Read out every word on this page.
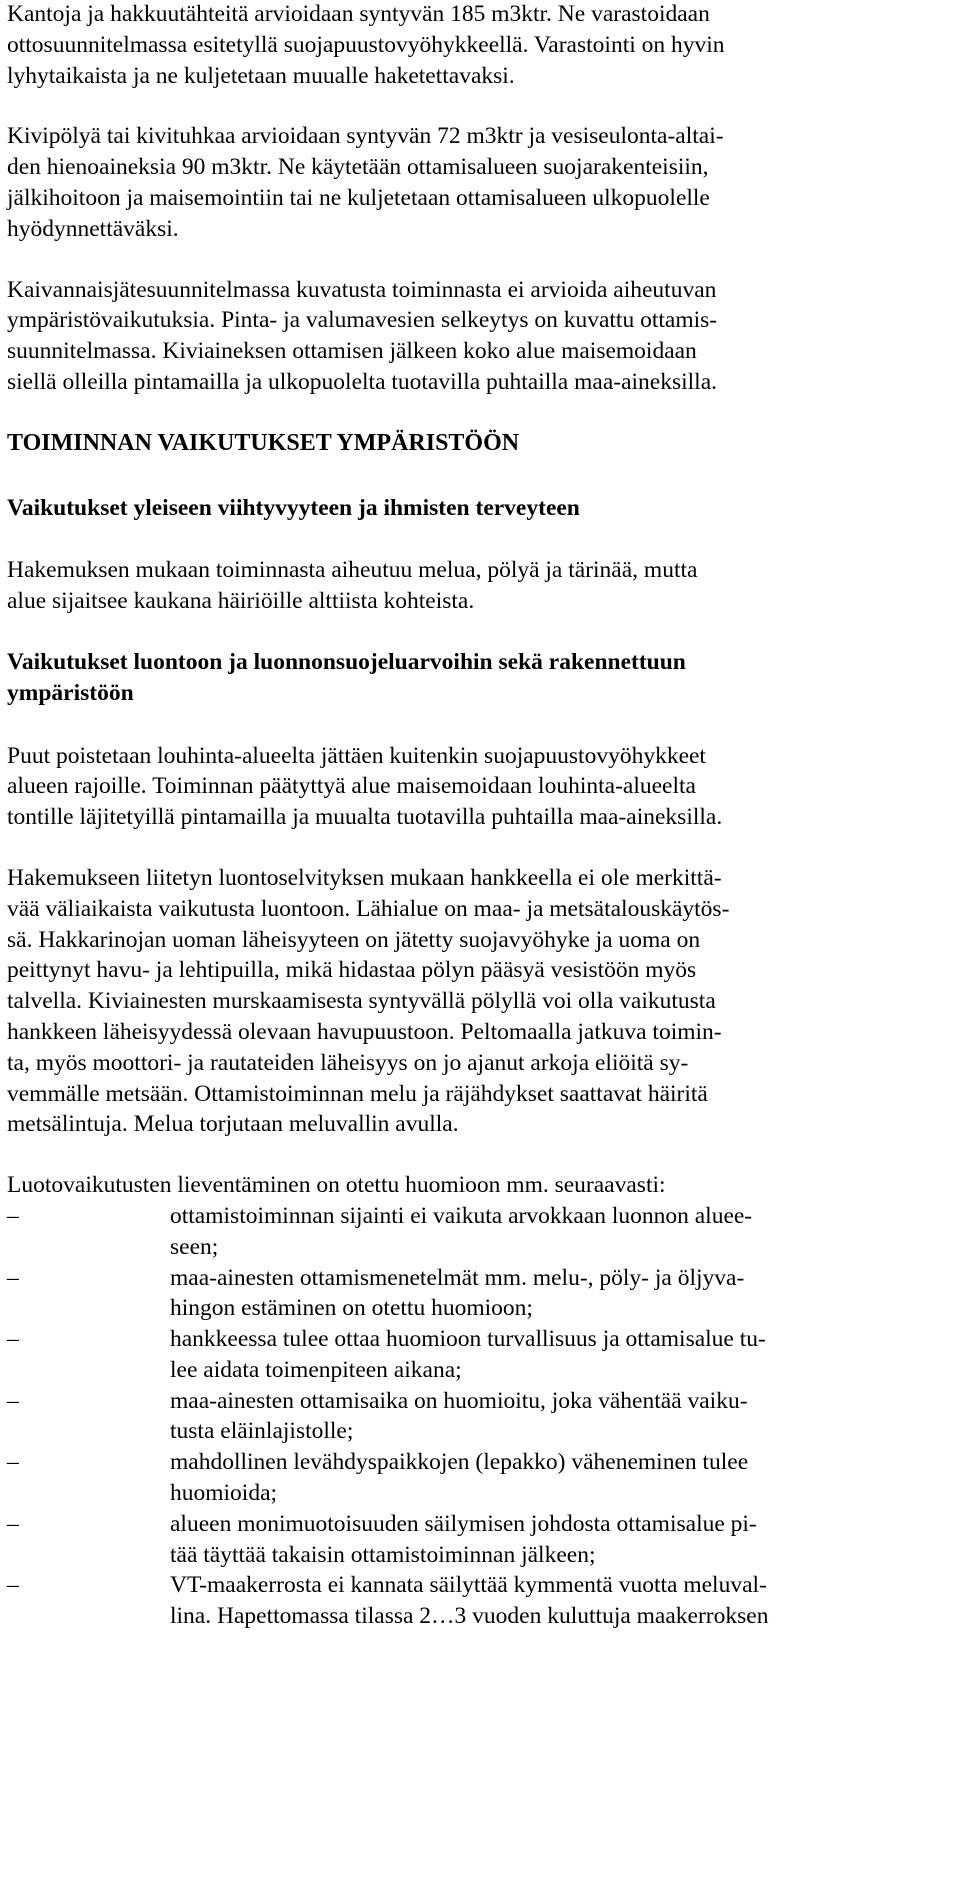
Kantoja ja hakkuutähteitä arvioidaan syntyvän 185 m3ktr. Ne varastoidaan
ottosuunnitelmassa esitetyllä suojapuustovyöhykkeellä. Varastointi on hyvin
lyhytaikaista ja ne kuljetetaan muualle haketettavaksi.

Kivipölyä tai kivituhkaa arvioidaan syntyvän 72 m3ktr ja vesiseulonta-altai-
den hienoaineksia 90 m3ktr. Ne käytetään ottamisalueen suojarakenteisiin,
jälkihoitoon ja maisemointiin tai ne kuljetetaan ottamisalueen ulkopuolelle
hyödynnettäväksi.

Kaivannaisjätesuunnitelmassa kuvatusta toiminnasta ei arvioida aiheutuvan
ympäristövaikutuksia. Pinta- ja valumavesien selkeytys on kuvattu ottamis-
suunnitelmassa. Kiviaineksen ottamisen jälkeen koko alue maisemoidaan
siellä olleilla pintamailla ja ulkopuolelta tuotavilla puhtailla maa-aineksilla.

TOIMINNAN VAIKUTUKSET YMPÄRISTÖÖN
Vaikutukset yleiseen viihtyvyyteen ja ihmisten terveyteen

Hakemuksen mukaan toiminnasta aiheutuu melua, pölyä ja tärinää, mutta
alue sijaitsee kaukana häiriöille alttiista kohteista.

Vaikutukset luontoon ja luonnonsuojeluarvoihin sekä rakennettuun
ympäristöön

Puut poistetaan louhinta-alueelta jättäen kuitenkin suojapuustovyöhykkeet
alueen rajoille. Toiminnan päätyttyä alue maisemoidaan louhinta-alueelta
tontille läjitetyillä pintamailla ja muualta tuotavilla puhtailla maa-aineksilla.

Hakemukseen liitetyn luontoselvityksen mukaan hankkeella ei ole merkittä-
vää väliaikaista vaikutusta luontoon. Lähialue on maa- ja metsätalouskäytös-
sä. Hakkarinojan uoman läheisyyteen on jätetty suojavyöhyke ja uoma on
peittynyt havu- ja lehtipuilla, mikä hidastaa pölyn pääsyä vesistöön myös
talvella. Kiviainesten murskaamisesta syntyvällä pölyllä voi olla vaikutusta
hankkeen läheisyydessä olevaan havupuustoon. Peltomaalla jatkuva toimin-
ta, myös moottori- ja rautateiden läheisyys on jo ajanut arkoja eliöitä sy-
vemmälle metsään. Ottamistoiminnan melu ja räjähdykset saattavat häiritä
metsälintuja. Melua torjutaan meluvallin avulla.

Luotovaikutusten lieventäminen on otettu huomioon mm. seuraavasti:

–	ottamistoiminnan sijainti ei vaikuta arvokkaan luonnon alueе-
seen;
–	maa-ainesten ottamismenetelmät mm. melu-, pöly- ja öljyva-
hingon estäminen on otettu huomioon;
–	hankkeessa tulee ottaa huomioon turvallisuus ja ottamisalue tu-
lee aidata toimenpiteen aikana;
–	maa-ainesten ottamisaika on huomioitu, joka vähentää vaiku-
tusta eläinlajistolle;
–	mahdollinen levähdyspaikkojen (lepakko) väheneminen tulee
huomioida;
–	alueen monimuotoisuuden säilymisen johdosta ottamisalue pi-
tää täyttää takaisin ottamistoiminnan jälkeen;
–	VT-maakerrosta ei kannata säilyttää kymmentä vuotta meluval-
lina. Hapettomassa tilassa 2…3 vuoden kuluttuja maakerroksen
